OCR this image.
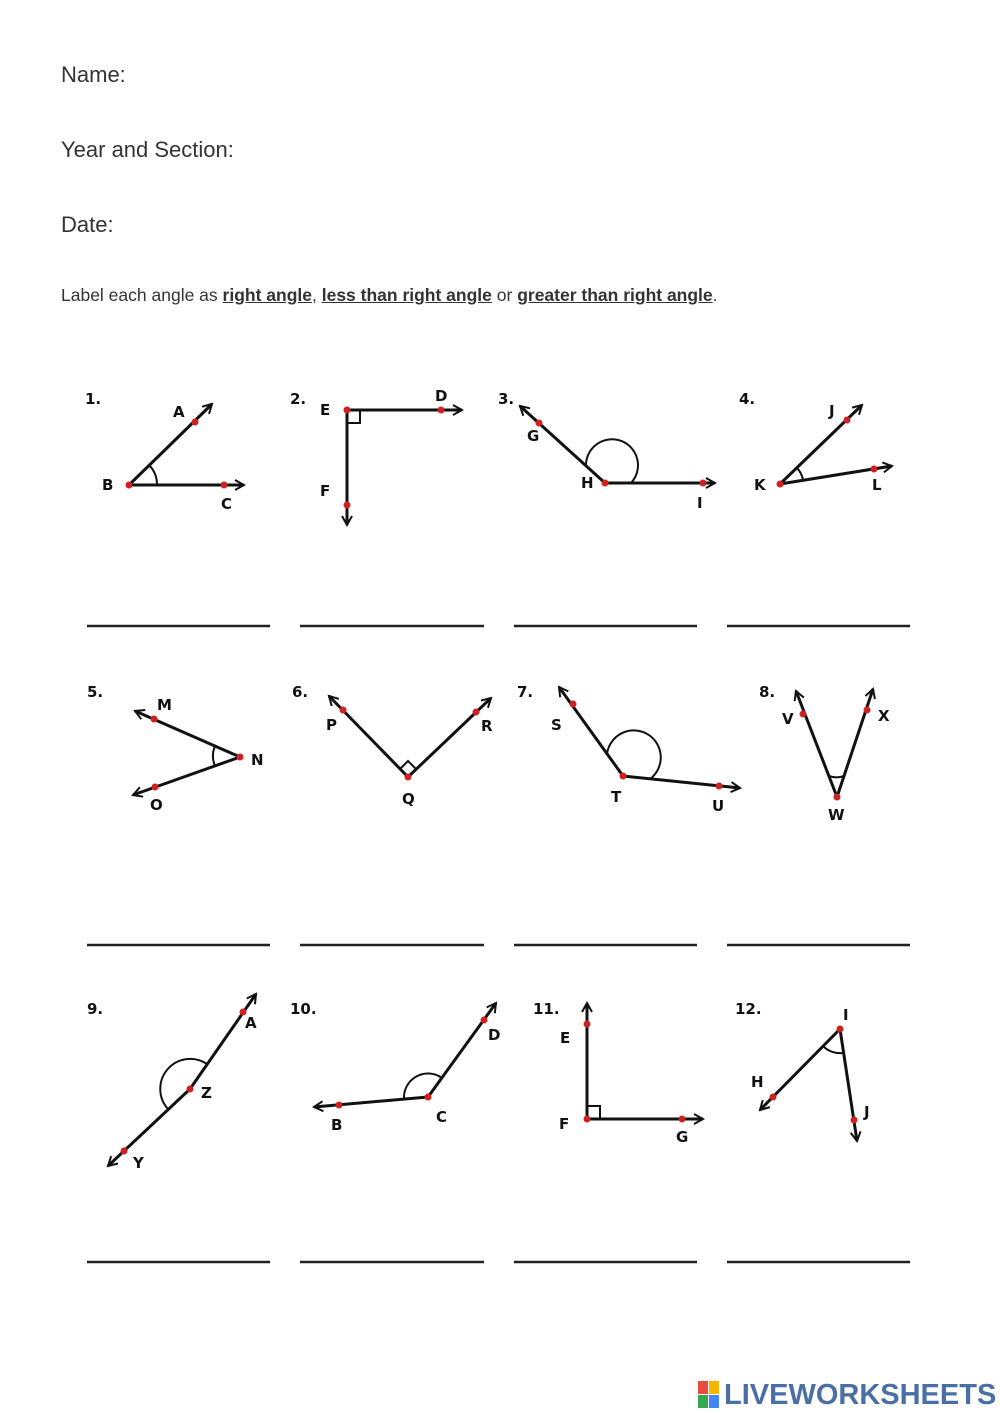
Name:
Year and Section:
Date:
Label each angle as right angle, less than right angle or greater than right angle.
1.
A
B
C
2.	D
E
F
3.
G
H
I
4.
J
K	L
5.
M
N
O
6.
P
Q
R
7.
S
T	U
8.
V
W
X
9.
A
Z
Y
10.
D
C
B
11.
E
F
G
12.	I
H
J
LIVEWORKSHEETS
